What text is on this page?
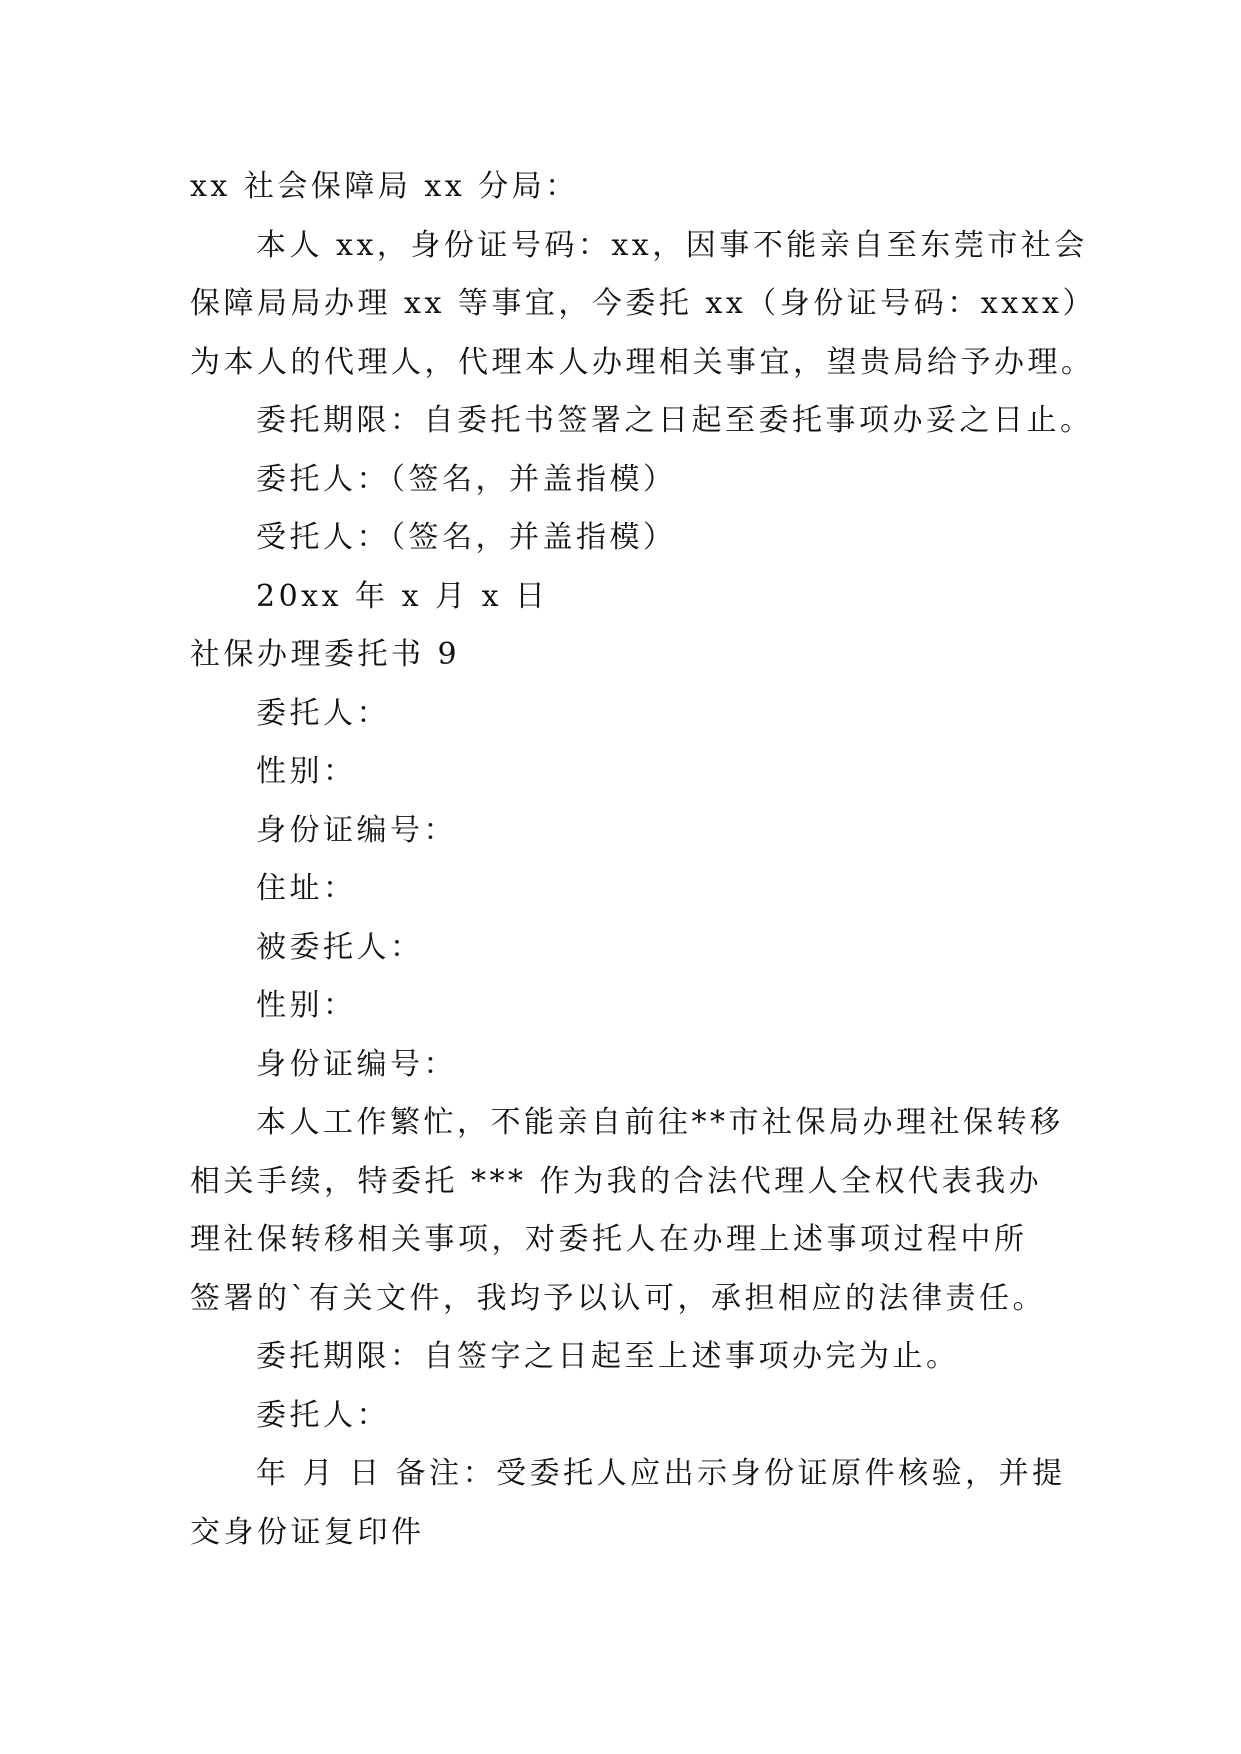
xx 社会保障局 xx 分局：
本人 xx，身份证号码：xx，因事不能亲自至东莞市社会
保障局局办理 xx 等事宜，今委托 xx（身份证号码：xxxx）
为本人的代理人，代理本人办理相关事宜，望贵局给予办理。
委托期限：自委托书签署之日起至委托事项办妥之日止。
委托人：（签名，并盖指模）
受托人：（签名，并盖指模）
20xx 年 x 月 x 日
社保办理委托书 9
委托人：
性别：
身份证编号：
住址：
被委托人：
性别：
身份证编号：
本人工作繁忙，不能亲自前往**市社保局办理社保转移
相关手续，特委托 *** 作为我的合法代理人全权代表我办
理社保转移相关事项，对委托人在办理上述事项过程中所
签署的`有关文件，我均予以认可，承担相应的法律责任。
委托期限：自签字之日起至上述事项办完为止。
委托人：
年 月 日 备注：受委托人应出示身份证原件核验，并提
交身份证复印件
